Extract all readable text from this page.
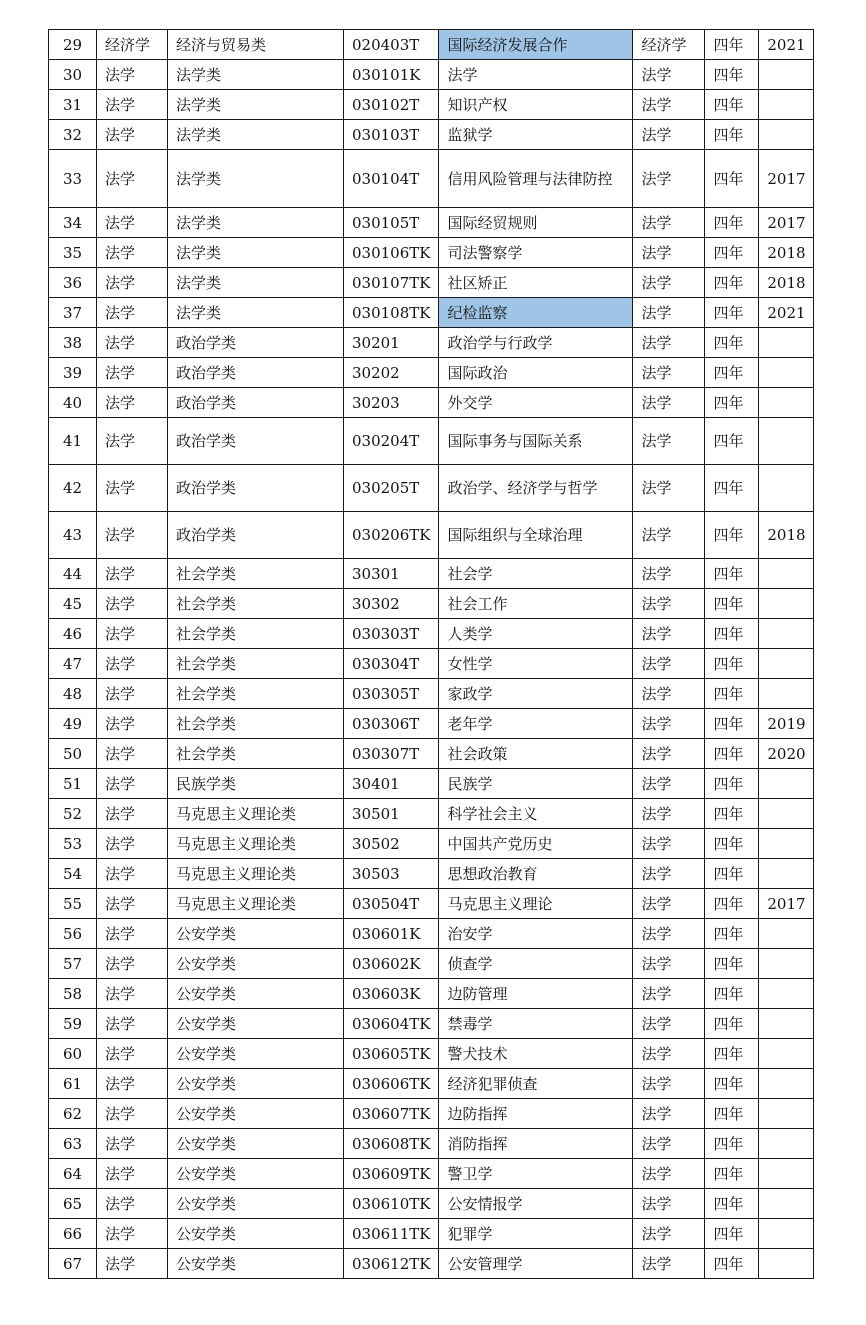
29	经济学	经济与贸易类	020403T	国际经济发展合作	经济学	四年	2021
30	法学	法学类	030101K	法学	法学	四年	
31	法学	法学类	030102T	知识产权	法学	四年	
32	法学	法学类	030103T	监狱学	法学	四年	
33	法学	法学类	030104T	信用风险管理与法律防控	法学	四年	2017
34	法学	法学类	030105T	国际经贸规则	法学	四年	2017
35	法学	法学类	030106TK	司法警察学	法学	四年	2018
36	法学	法学类	030107TK	社区矫正	法学	四年	2018
37	法学	法学类	030108TK	纪检监察	法学	四年	2021
38	法学	政治学类	30201	政治学与行政学	法学	四年	
39	法学	政治学类	30202	国际政治	法学	四年	
40	法学	政治学类	30203	外交学	法学	四年	
41	法学	政治学类	030204T	国际事务与国际关系	法学	四年	
42	法学	政治学类	030205T	政治学、经济学与哲学	法学	四年	
43	法学	政治学类	030206TK	国际组织与全球治理	法学	四年	2018
44	法学	社会学类	30301	社会学	法学	四年	
45	法学	社会学类	30302	社会工作	法学	四年	
46	法学	社会学类	030303T	人类学	法学	四年	
47	法学	社会学类	030304T	女性学	法学	四年	
48	法学	社会学类	030305T	家政学	法学	四年	
49	法学	社会学类	030306T	老年学	法学	四年	2019
50	法学	社会学类	030307T	社会政策	法学	四年	2020
51	法学	民族学类	30401	民族学	法学	四年	
52	法学	马克思主义理论类	30501	科学社会主义	法学	四年	
53	法学	马克思主义理论类	30502	中国共产党历史	法学	四年	
54	法学	马克思主义理论类	30503	思想政治教育	法学	四年	
55	法学	马克思主义理论类	030504T	马克思主义理论	法学	四年	2017
56	法学	公安学类	030601K	治安学	法学	四年	
57	法学	公安学类	030602K	侦查学	法学	四年	
58	法学	公安学类	030603K	边防管理	法学	四年	
59	法学	公安学类	030604TK	禁毒学	法学	四年	
60	法学	公安学类	030605TK	警犬技术	法学	四年	
61	法学	公安学类	030606TK	经济犯罪侦查	法学	四年	
62	法学	公安学类	030607TK	边防指挥	法学	四年	
63	法学	公安学类	030608TK	消防指挥	法学	四年	
64	法学	公安学类	030609TK	警卫学	法学	四年	
65	法学	公安学类	030610TK	公安情报学	法学	四年	
66	法学	公安学类	030611TK	犯罪学	法学	四年	
67	法学	公安学类	030612TK	公安管理学	法学	四年	
